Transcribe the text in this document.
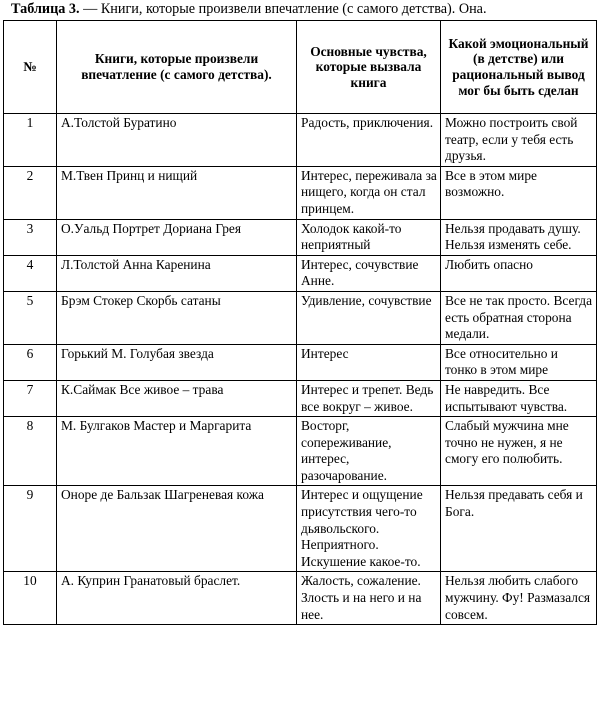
Таблица 3. — Книги, которые произвели впечатление (с самого детства). Она.
№	Книги, которые произвели впечатление (с самого детства).	Основные чувства, которые вызвала книга	Какой эмоциональный (в детстве) или рациональный вывод мог бы быть сделан
1	А.Толстой Буратино	Радость, приключения.	Можно построить свой театр, если у тебя есть друзья.
2	М.Твен Принц и нищий	Интерес, переживала за нищего, когда он стал принцем.	Все в этом мире возможно.
3	О.Уальд Портрет Дориана Грея	Холодок какой-то неприятный	Нельзя продавать душу. Нельзя изменять себе.
4	Л.Толстой Анна Каренина	Интерес, сочувствие Анне.	Любить опасно
5	Брэм Стокер Скорбь сатаны	Удивление, сочувствие	Все не так просто. Всегда есть обратная сторона медали.
6	Горький М. Голубая звезда	Интерес	Все относительно и тонко в этом мире
7	К.Саймак Все живое – трава	Интерес и трепет. Ведь все вокруг – живое.	Не навредить. Все испытывают чувства.
8	М. Булгаков Мастер и Маргарита	Восторг, сопереживание, интерес, разочарование.	Слабый мужчина мне точно не нужен, я не смогу его полюбить.
9	Оноре де Бальзак Шагреневая кожа	Интерес и ощущение присутствия чего-то дьявольского. Неприятного. Искушение какое-то.	Нельзя предавать себя и Бога.
10	А. Куприн Гранатовый браслет.	Жалость, сожаление. Злость и на него и на нее.	Нельзя любить слабого мужчину. Фу! Размазался совсем.
